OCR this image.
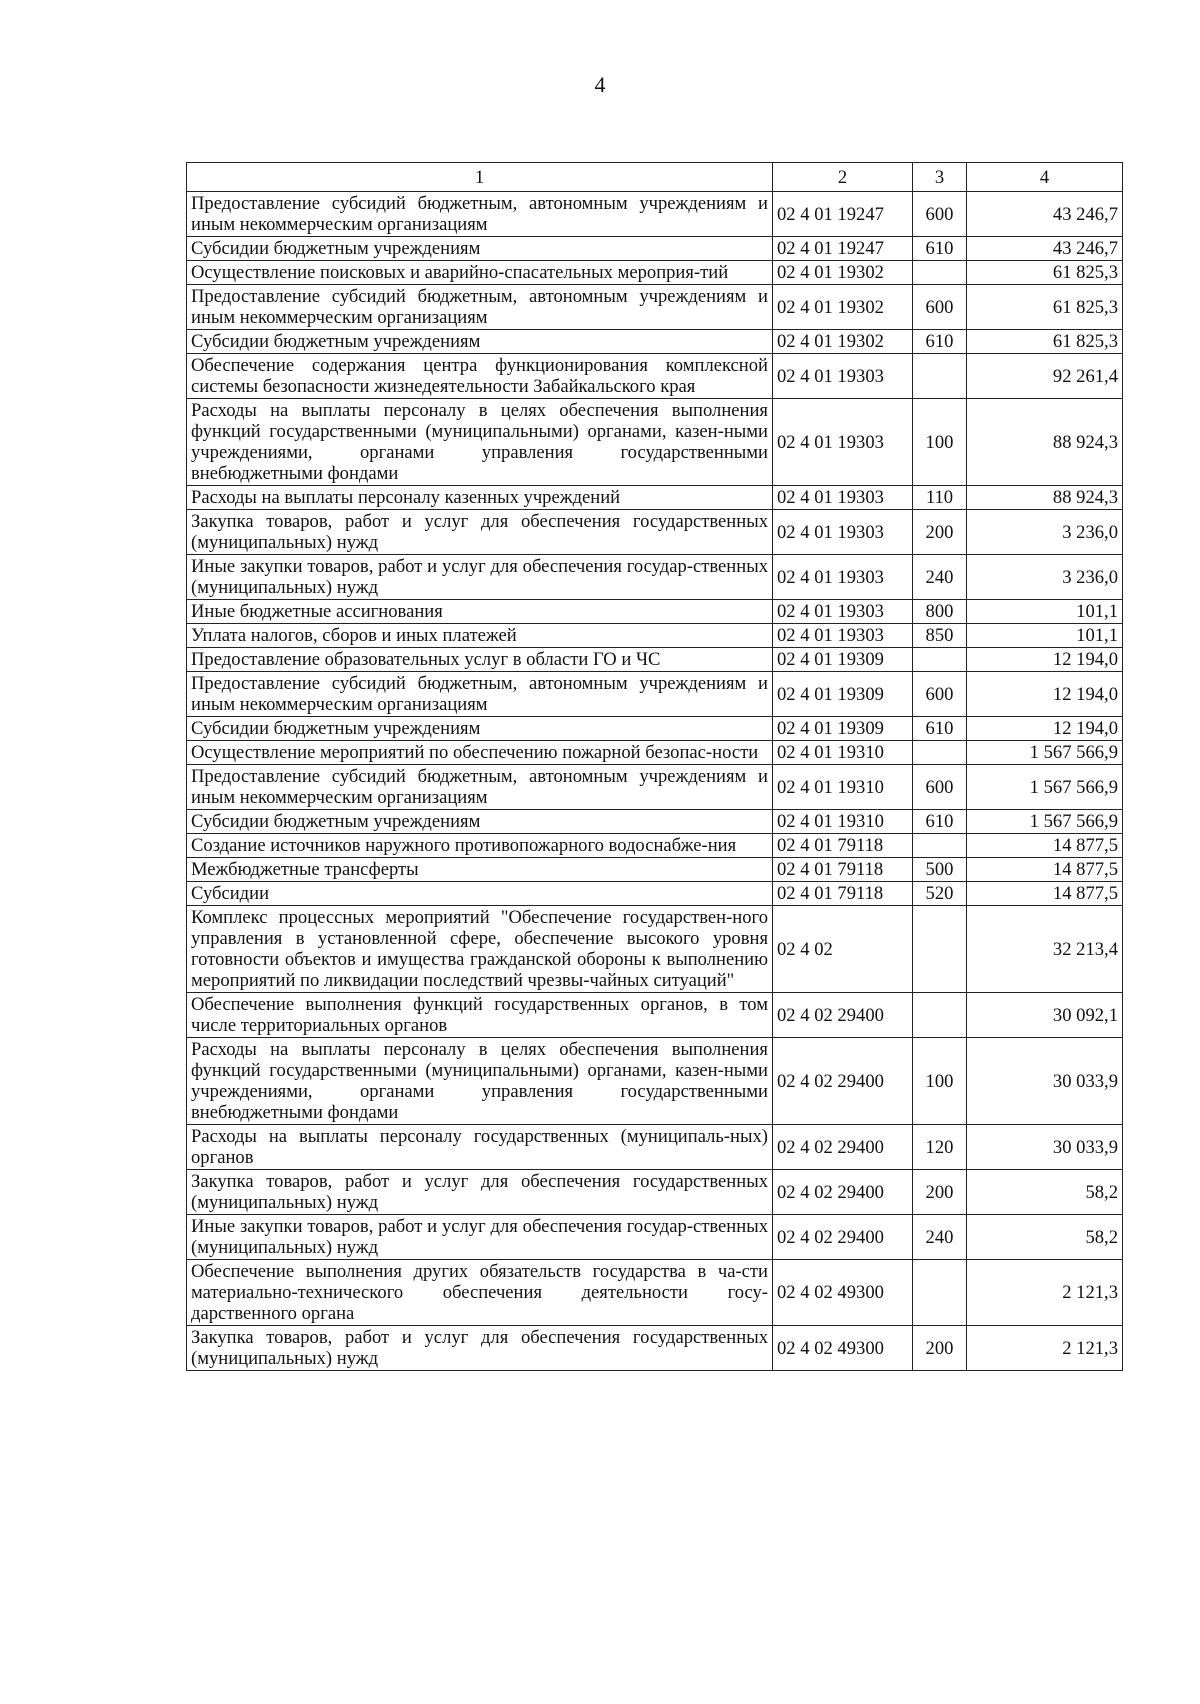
4
1	2	3	4
Предоставление субсидий бюджетным, автономным учреждениям и иным некоммерческим организациям	02 4 01 19247	600	43 246,7
Субсидии бюджетным учреждениям	02 4 01 19247	610	43 246,7
Осуществление поисковых и аварийно-спасательных мероприя-тий	02 4 01 19302		61 825,3
Предоставление субсидий бюджетным, автономным учреждениям и иным некоммерческим организациям	02 4 01 19302	600	61 825,3
Субсидии бюджетным учреждениям	02 4 01 19302	610	61 825,3
Обеспечение содержания центра функционирования комплексной системы безопасности жизнедеятельности Забайкальского края	02 4 01 19303		92 261,4
Расходы на выплаты персоналу в целях обеспечения выполнения функций государственными (муниципальными) органами, казен-ными учреждениями, органами управления государственными внебюджетными фондами	02 4 01 19303	100	88 924,3
Расходы на выплаты персоналу казенных учреждений	02 4 01 19303	110	88 924,3
Закупка товаров, работ и услуг для обеспечения государственных (муниципальных) нужд	02 4 01 19303	200	3 236,0
Иные закупки товаров, работ и услуг для обеспечения государ-ственных (муниципальных) нужд	02 4 01 19303	240	3 236,0
Иные бюджетные ассигнования	02 4 01 19303	800	101,1
Уплата налогов, сборов и иных платежей	02 4 01 19303	850	101,1
Предоставление образовательных услуг в области ГО и ЧС	02 4 01 19309		12 194,0
Предоставление субсидий бюджетным, автономным учреждениям и иным некоммерческим организациям	02 4 01 19309	600	12 194,0
Субсидии бюджетным учреждениям	02 4 01 19309	610	12 194,0
Осуществление мероприятий по обеспечению пожарной безопас-ности	02 4 01 19310		1 567 566,9
Предоставление субсидий бюджетным, автономным учреждениям и иным некоммерческим организациям	02 4 01 19310	600	1 567 566,9
Субсидии бюджетным учреждениям	02 4 01 19310	610	1 567 566,9
Создание источников наружного противопожарного водоснабже-ния	02 4 01 79118		14 877,5
Межбюджетные трансферты	02 4 01 79118	500	14 877,5
Субсидии	02 4 01 79118	520	14 877,5
Комплекс процессных мероприятий "Обеспечение государствен-ного управления в установленной сфере, обеспечение высокого уровня готовности объектов и имущества гражданской обороны к выполнению мероприятий по ликвидации последствий чрезвы-чайных ситуаций"	02 4 02		32 213,4
Обеспечение выполнения функций государственных органов, в том числе территориальных органов	02 4 02 29400		30 092,1
Расходы на выплаты персоналу в целях обеспечения выполнения функций государственными (муниципальными) органами, казен-ными учреждениями, органами управления государственными внебюджетными фондами	02 4 02 29400	100	30 033,9
Расходы на выплаты персоналу государственных (муниципаль-ных) органов	02 4 02 29400	120	30 033,9
Закупка товаров, работ и услуг для обеспечения государственных (муниципальных) нужд	02 4 02 29400	200	58,2
Иные закупки товаров, работ и услуг для обеспечения государ-ственных (муниципальных) нужд	02 4 02 29400	240	58,2
Обеспечение выполнения других обязательств государства в ча-сти материально-технического обеспечения деятельности госу-дарственного органа	02 4 02 49300		2 121,3
Закупка товаров, работ и услуг для обеспечения государственных (муниципальных) нужд	02 4 02 49300	200	2 121,3
